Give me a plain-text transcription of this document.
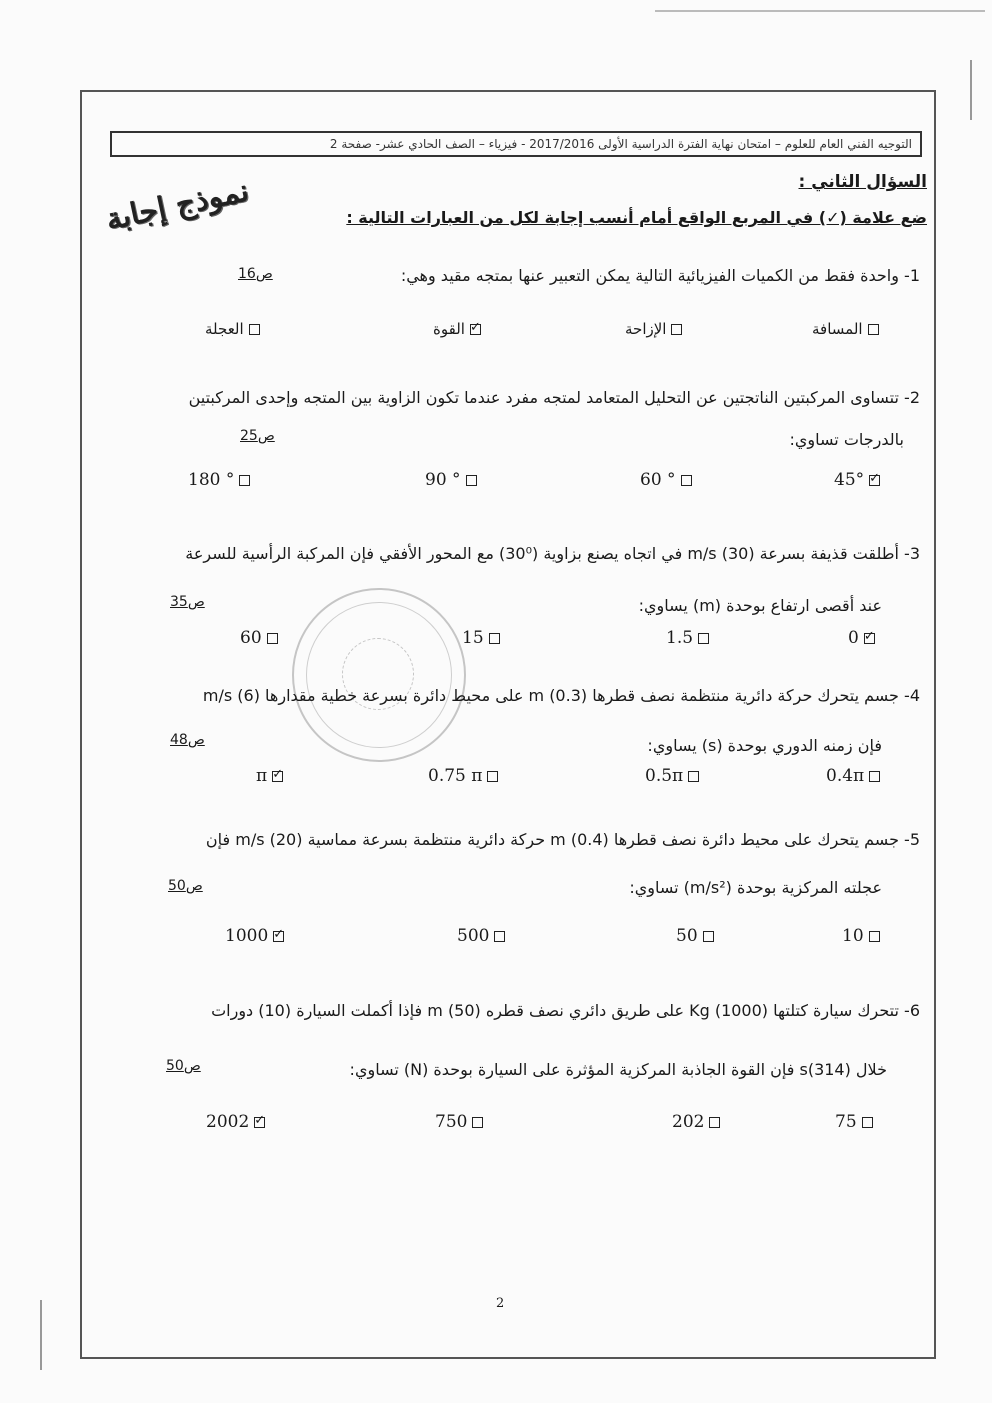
التوجيه الفني العام للعلوم – امتحان نهاية الفترة الدراسية الأولى 2017/2016 - فيزياء – الصف الحادي عشر- صفحة 2
السؤال الثاني :
ضع علامة (✓) في المربع الواقع أمام أنسب إجابة لكل من العبارات التالية :
نموذج إجابة
1- واحدة فقط من الكميات الفيزيائية التالية يمكن التعبير عنها بمتجه مقيد وهي:
ص16
المسافة
الإزاحة
✓
القوة
العجلة
2- تتساوى المركبتين الناتجتين عن التحليل المتعامد لمتجه مفرد عندما تكون الزاوية بين المتجه وإحدى المركبتين
بالدرجات تساوي:
ص25
45°
✓
60 °
90 °
180 °
3- أطلقت قذيفة بسرعة m/s (30) في اتجاه يصنع بزاوية (30⁰) مع المحور الأفقي فإن المركبة الرأسية للسرعة
عند أقصى ارتفاع بوحدة (m) يساوي:
ص35
0
✓
1.5
15
60
4- جسم يتحرك حركة دائرية منتظمة نصف قطرها m (0.3) على محيط دائرة بسرعة خطية مقدارها m/s (6)
فإن زمنه الدوري بوحدة (s) يساوي:
ص48
0.4π
0.5π
0.75 π
π
✓
5- جسم يتحرك على محيط دائرة نصف قطرها m (0.4) حركة دائرية منتظمة بسرعة مماسية m/s (20) فإن
عجلته المركزية بوحدة (m/s²) تساوي:
ص50
10
50
500
1000
✓
6- تتحرك سيارة كتلتها Kg (1000) على طريق دائري نصف قطره m (50) فإذا أكملت السيارة (10) دورات
خلال s(314) فإن القوة الجاذبة المركزية المؤثرة على السيارة بوحدة (N) تساوي:
ص50
75
202
750
2002
✓
2
